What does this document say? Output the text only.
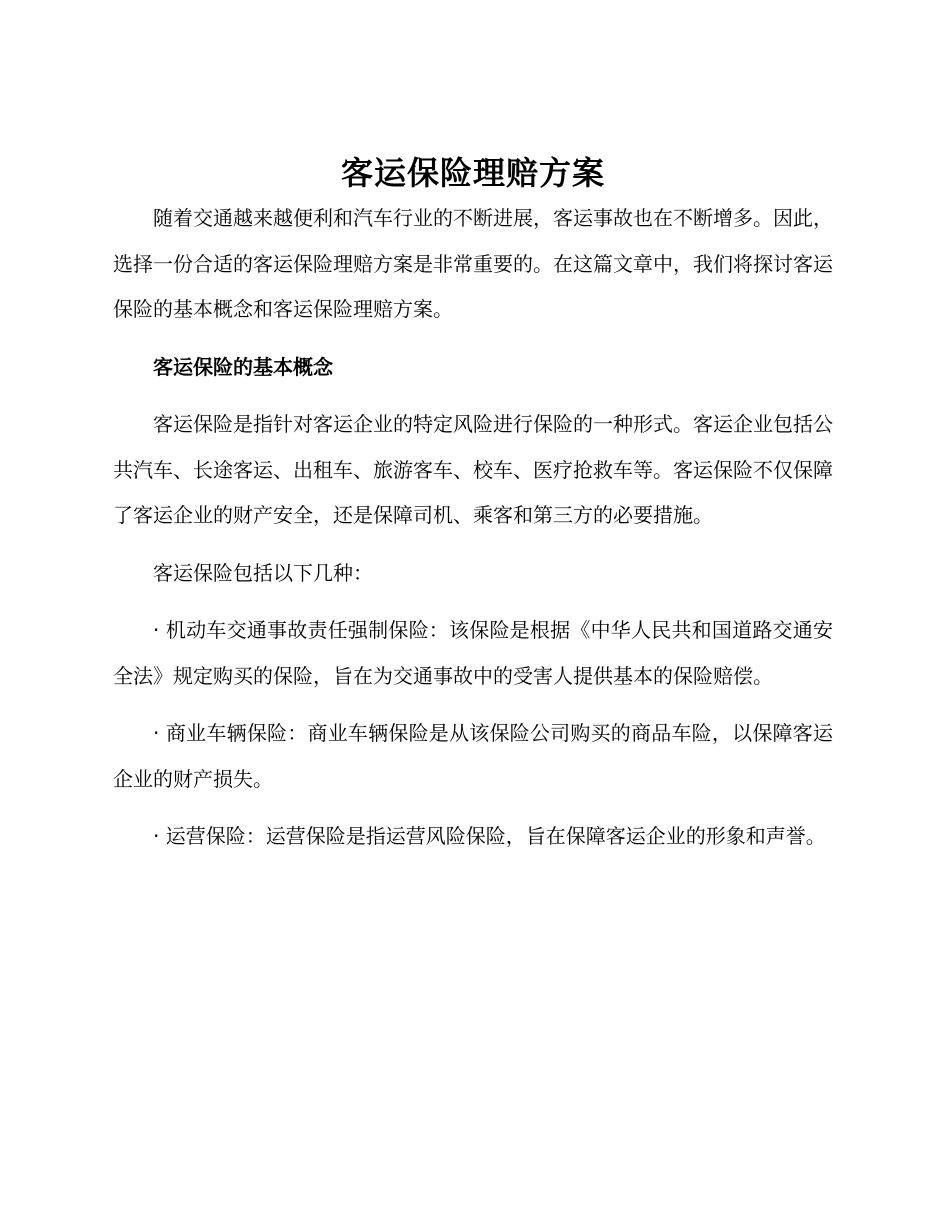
客运保险理赔方案

随着交通越来越便利和汽车行业的不断进展，客运事故也在不断增多。因此，选择一份合适的客运保险理赔方案是非常重要的。在这篇文章中，我们将探讨客运保险的基本概念和客运保险理赔方案。

客运保险的基本概念

客运保险是指针对客运企业的特定风险进行保险的一种形式。客运企业包括公共汽车、长途客运、出租车、旅游客车、校车、医疗抢救车等。客运保险不仅保障了客运企业的财产安全，还是保障司机、乘客和第三方的必要措施。

客运保险包括以下几种：

· 机动车交通事故责任强制保险：该保险是根据《中华人民共和国道路交通安全法》规定购买的保险，旨在为交通事故中的受害人提供基本的保险赔偿。

· 商业车辆保险：商业车辆保险是从该保险公司购买的商品车险，以保障客运企业的财产损失。

· 运营保险：运营保险是指运营风险保险，旨在保障客运企业的形象和声誉。
